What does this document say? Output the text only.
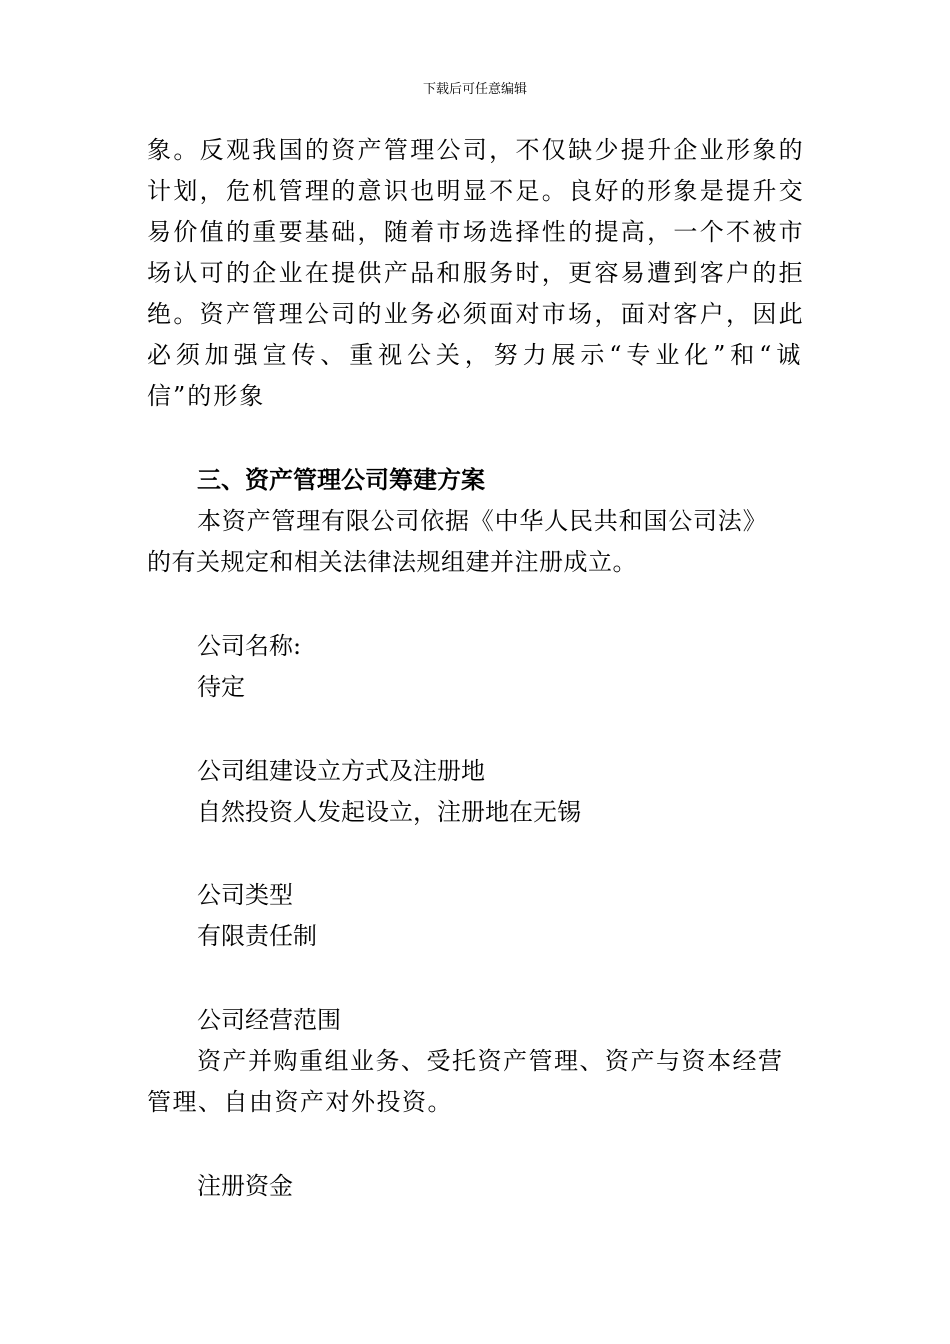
下载后可任意编辑
象。反观我国的资产管理公司，不仅缺少提升企业形象的
计划，危机管理的意识也明显不足。良好的形象是提升交
易价值的重要基础，随着市场选择性的提高，一个不被市
场认可的企业在提供产品和服务时，更容易遭到客户的拒
绝。资产管理公司的业务必须面对市场，面对客户，因此
必须加强宣传、重视公关，努力展示“专业化”和“诚
信”的形象
三、资产管理公司筹建方案
本资产管理有限公司依据《中华人民共和国公司法》
的有关规定和相关法律法规组建并注册成立。
公司名称:
待定
公司组建设立方式及注册地
自然投资人发起设立，注册地在无锡
公司类型
有限责任制
公司经营范围
资产并购重组业务、受托资产管理、资产与资本经营
管理、自由资产对外投资。
注册资金
